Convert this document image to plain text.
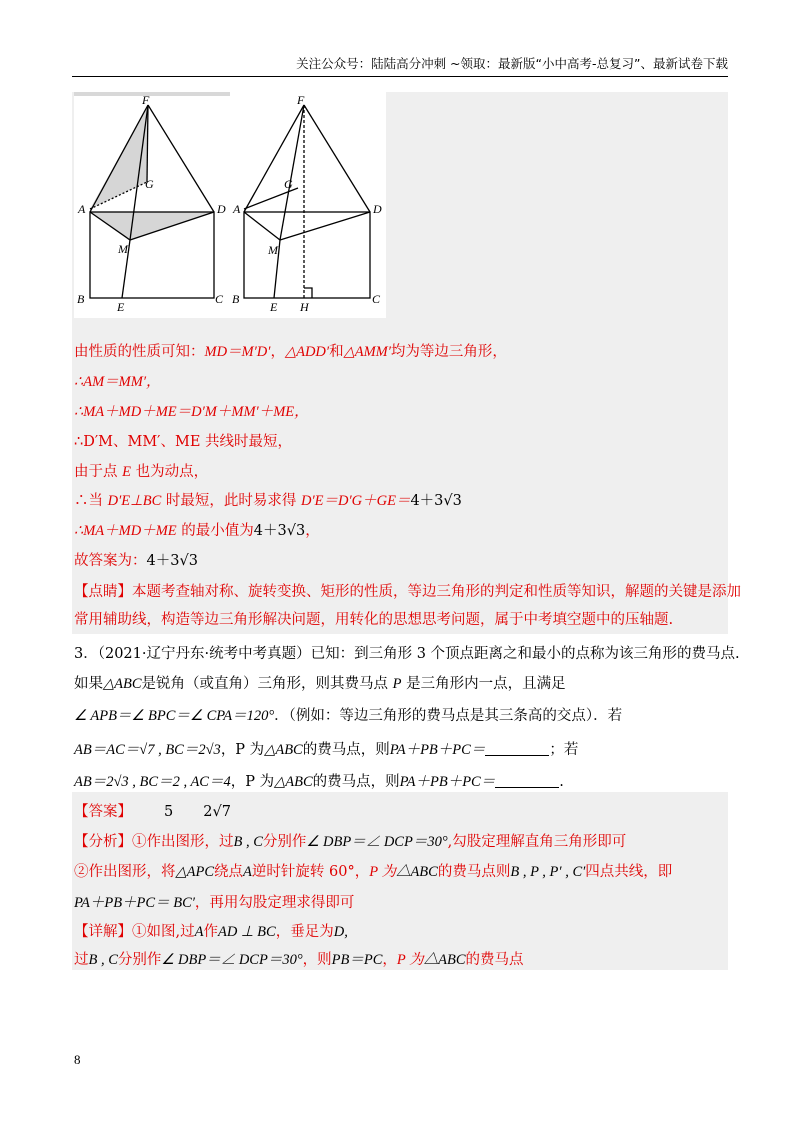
关注公众号：陆陆高分冲刺 ~领取：最新版“小中高考-总复习”、最新试卷下载
F
G
A	D
M
B
E
C
F
G
A	D
M
B
E H
C
由性质的性质可知：MD＝M′D′，△ADD′和△AMM′均为等边三角形，
∴AM＝MM′，
∴MA＋MD＋ME＝D′M＋MM′＋ME，
∴D′M、MM′、ME 共线时最短，
由于点 E 也为动点，
∴当 D′E⊥BC 时最短，此时易求得 D′E＝D′G＋GE＝4＋3√3
∴MA＋MD＋ME 的最小值为4＋3√3，
故答案为：4＋3√3
【点睛】本题考查轴对称、旋转变换、矩形的性质，等边三角形的判定和性质等知识，解题的关键是添加
常用辅助线，构造等边三角形解决问题，用转化的思想思考问题，属于中考填空题中的压轴题.
3．（2021·辽宁丹东·统考中考真题）已知：到三角形 3 个顶点距离之和最小的点称为该三角形的费马点.
如果△ABC是锐角（或直角）三角形，则其费马点 P 是三角形内一点，且满足
∠ APB＝∠ BPC＝∠ CPA＝120°．（例如：等边三角形的费马点是其三条高的交点）．若
AB＝AC＝√7 , BC＝2√3，P 为△ABC的费马点，则PA＋PB＋PC＝	；若
AB＝2√3 , BC＝2 , AC＝4，P 为△ABC的费马点，则PA＋PB＋PC＝	.
【答案】 5 2√7
【分析】①作出图形，过B , C分别作∠ DBP＝∠ DCP＝30°,勾股定理解直角三角形即可
②作出图形，将△APC绕点A逆时针旋转 60°，P 为△ABC的费马点则B , P , P′ , C′四点共线，即
PA＋PB＋PC＝ BC′，再用勾股定理求得即可
【详解】①如图,过A作AD ⊥ BC，垂足为D,
过B , C分别作∠ DBP＝∠ DCP＝30°，则PB＝PC，P 为△ABC的费马点
8
